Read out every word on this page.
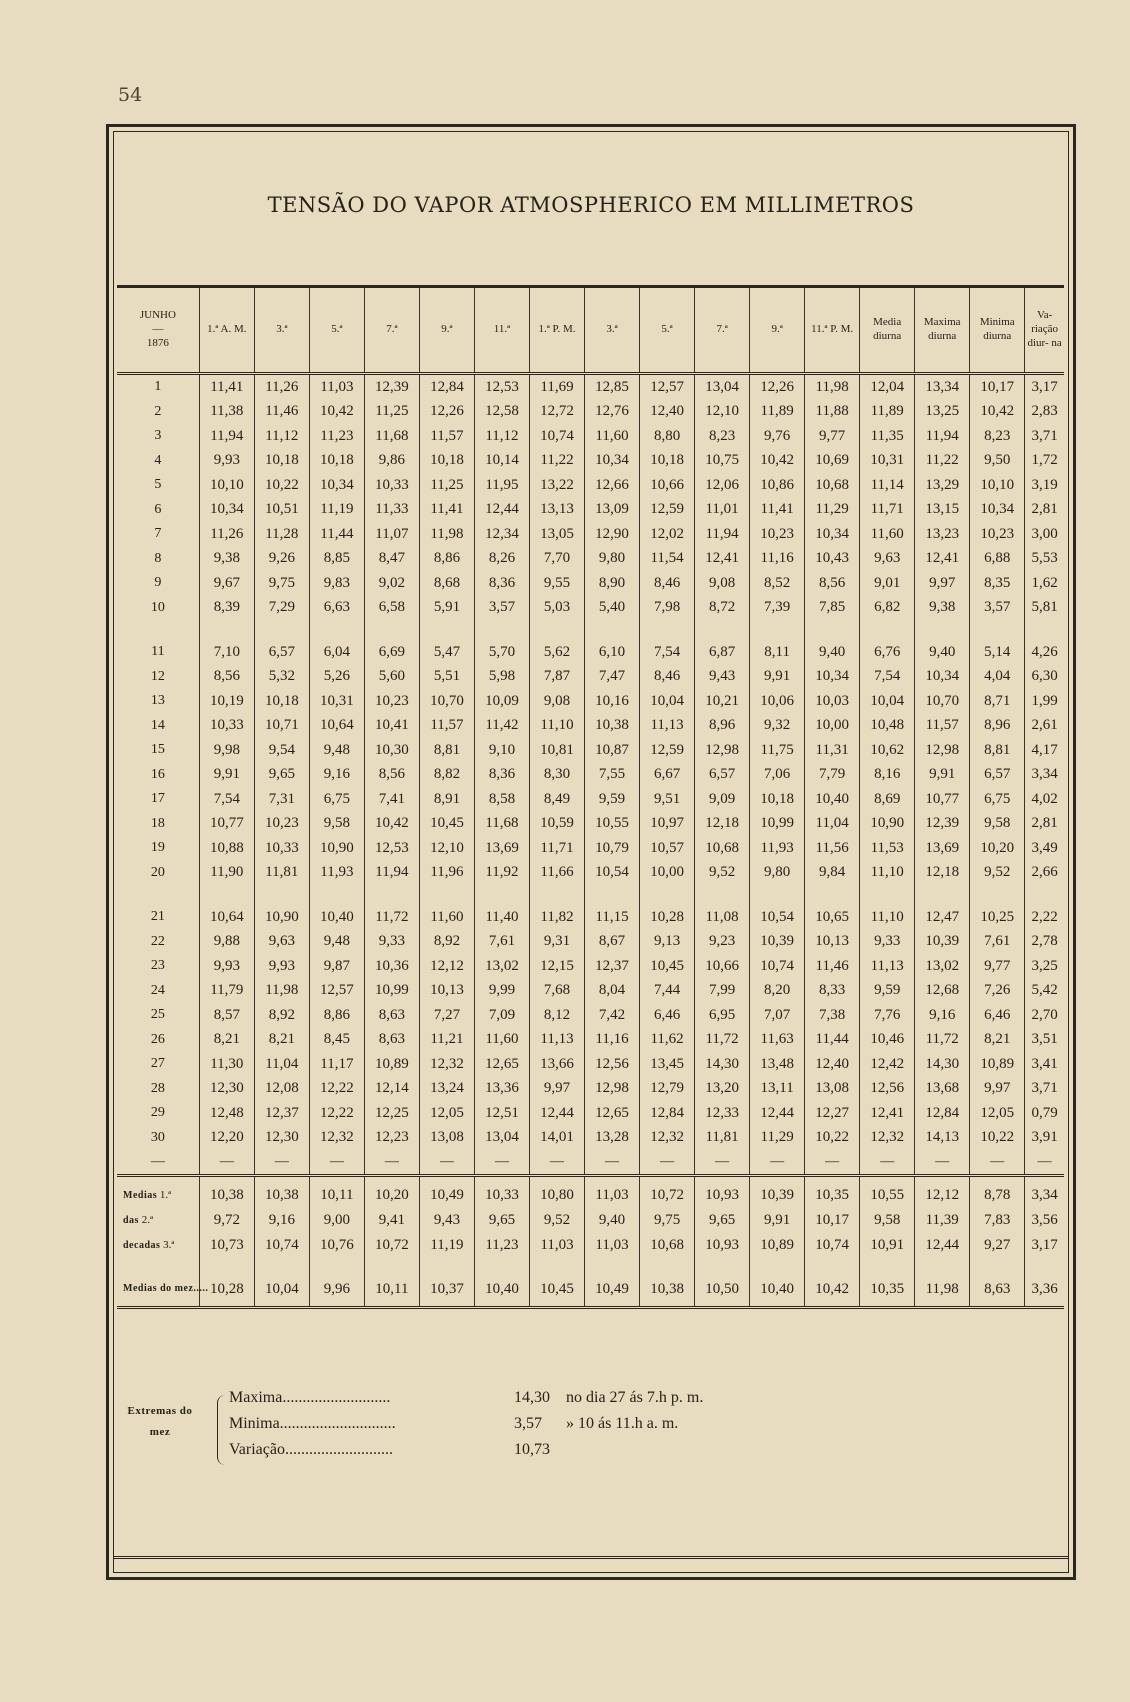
54
TENSÃO DO VAPOR ATMOSPHERICO EM MILLIMETROS
JUNHO
—
1876	1.ª A. M.	3.ª	5.ª	7.ª	9.ª	11.ª	1.ª P. M.	3.ª	5.ª	7.ª	9.ª	11.ª P. M.	Media diurna	Maxima diurna	Minima diurna	Va- riação diur- na
1	11,41	11,26	11,03	12,39	12,84	12,53	11,69	12,85	12,57	13,04	12,26	11,98	12,04	13,34	10,17	3,17
2	11,38	11,46	10,42	11,25	12,26	12,58	12,72	12,76	12,40	12,10	11,89	11,88	11,89	13,25	10,42	2,83
3	11,94	11,12	11,23	11,68	11,57	11,12	10,74	11,60	8,80	8,23	9,76	9,77	11,35	11,94	8,23	3,71
4	9,93	10,18	10,18	9,86	10,18	10,14	11,22	10,34	10,18	10,75	10,42	10,69	10,31	11,22	9,50	1,72
5	10,10	10,22	10,34	10,33	11,25	11,95	13,22	12,66	10,66	12,06	10,86	10,68	11,14	13,29	10,10	3,19
6	10,34	10,51	11,19	11,33	11,41	12,44	13,13	13,09	12,59	11,01	11,41	11,29	11,71	13,15	10,34	2,81
7	11,26	11,28	11,44	11,07	11,98	12,34	13,05	12,90	12,02	11,94	10,23	10,34	11,60	13,23	10,23	3,00
8	9,38	9,26	8,85	8,47	8,86	8,26	7,70	9,80	11,54	12,41	11,16	10,43	9,63	12,41	6,88	5,53
9	9,67	9,75	9,83	9,02	8,68	8,36	9,55	8,90	8,46	9,08	8,52	8,56	9,01	9,97	8,35	1,62
10	8,39	7,29	6,63	6,58	5,91	3,57	5,03	5,40	7,98	8,72	7,39	7,85	6,82	9,38	3,57	5,81

11	7,10	6,57	6,04	6,69	5,47	5,70	5,62	6,10	7,54	6,87	8,11	9,40	6,76	9,40	5,14	4,26
12	8,56	5,32	5,26	5,60	5,51	5,98	7,87	7,47	8,46	9,43	9,91	10,34	7,54	10,34	4,04	6,30
13	10,19	10,18	10,31	10,23	10,70	10,09	9,08	10,16	10,04	10,21	10,06	10,03	10,04	10,70	8,71	1,99
14	10,33	10,71	10,64	10,41	11,57	11,42	11,10	10,38	11,13	8,96	9,32	10,00	10,48	11,57	8,96	2,61
15	9,98	9,54	9,48	10,30	8,81	9,10	10,81	10,87	12,59	12,98	11,75	11,31	10,62	12,98	8,81	4,17
16	9,91	9,65	9,16	8,56	8,82	8,36	8,30	7,55	6,67	6,57	7,06	7,79	8,16	9,91	6,57	3,34
17	7,54	7,31	6,75	7,41	8,91	8,58	8,49	9,59	9,51	9,09	10,18	10,40	8,69	10,77	6,75	4,02
18	10,77	10,23	9,58	10,42	10,45	11,68	10,59	10,55	10,97	12,18	10,99	11,04	10,90	12,39	9,58	2,81
19	10,88	10,33	10,90	12,53	12,10	13,69	11,71	10,79	10,57	10,68	11,93	11,56	11,53	13,69	10,20	3,49
20	11,90	11,81	11,93	11,94	11,96	11,92	11,66	10,54	10,00	9,52	9,80	9,84	11,10	12,18	9,52	2,66

21	10,64	10,90	10,40	11,72	11,60	11,40	11,82	11,15	10,28	11,08	10,54	10,65	11,10	12,47	10,25	2,22
22	9,88	9,63	9,48	9,33	8,92	7,61	9,31	8,67	9,13	9,23	10,39	10,13	9,33	10,39	7,61	2,78
23	9,93	9,93	9,87	10,36	12,12	13,02	12,15	12,37	10,45	10,66	10,74	11,46	11,13	13,02	9,77	3,25
24	11,79	11,98	12,57	10,99	10,13	9,99	7,68	8,04	7,44	7,99	8,20	8,33	9,59	12,68	7,26	5,42
25	8,57	8,92	8,86	8,63	7,27	7,09	8,12	7,42	6,46	6,95	7,07	7,38	7,76	9,16	6,46	2,70
26	8,21	8,21	8,45	8,63	11,21	11,60	11,13	11,16	11,62	11,72	11,63	11,44	10,46	11,72	8,21	3,51
27	11,30	11,04	11,17	10,89	12,32	12,65	13,66	12,56	13,45	14,30	13,48	12,40	12,42	14,30	10,89	3,41
28	12,30	12,08	12,22	12,14	13,24	13,36	9,97	12,98	12,79	13,20	13,11	13,08	12,56	13,68	9,97	3,71
29	12,48	12,37	12,22	12,25	12,05	12,51	12,44	12,65	12,84	12,33	12,44	12,27	12,41	12,84	12,05	0,79
30	12,20	12,30	12,32	12,23	13,08	13,04	14,01	13,28	12,32	11,81	11,29	10,22	12,32	14,13	10,22	3,91
—	—	—	—	—	—	—	—	—	—	—	—	—	—	—	—	—
Medias 1.ª	10,38	10,38	10,11	10,20	10,49	10,33	10,80	11,03	10,72	10,93	10,39	10,35	10,55	12,12	8,78	3,34
das 2.ª	9,72	9,16	9,00	9,41	9,43	9,65	9,52	9,40	9,75	9,65	9,91	10,17	9,58	11,39	7,83	3,56
decadas 3.ª	10,73	10,74	10,76	10,72	11,19	11,23	11,03	11,03	10,68	10,93	10,89	10,74	10,91	12,44	9,27	3,17

Medias do mez.....	10,28	10,04	9,96	10,11	10,37	10,40	10,45	10,49	10,38	10,50	10,40	10,42	10,35	11,98	8,63	3,36
Extremas do mez
Maxima...........................	14,30 no dia 27 ás 7.h p. m.
Minima.............................	3,57 » 10 ás 11.h a. m.
Variação...........................	10,73
